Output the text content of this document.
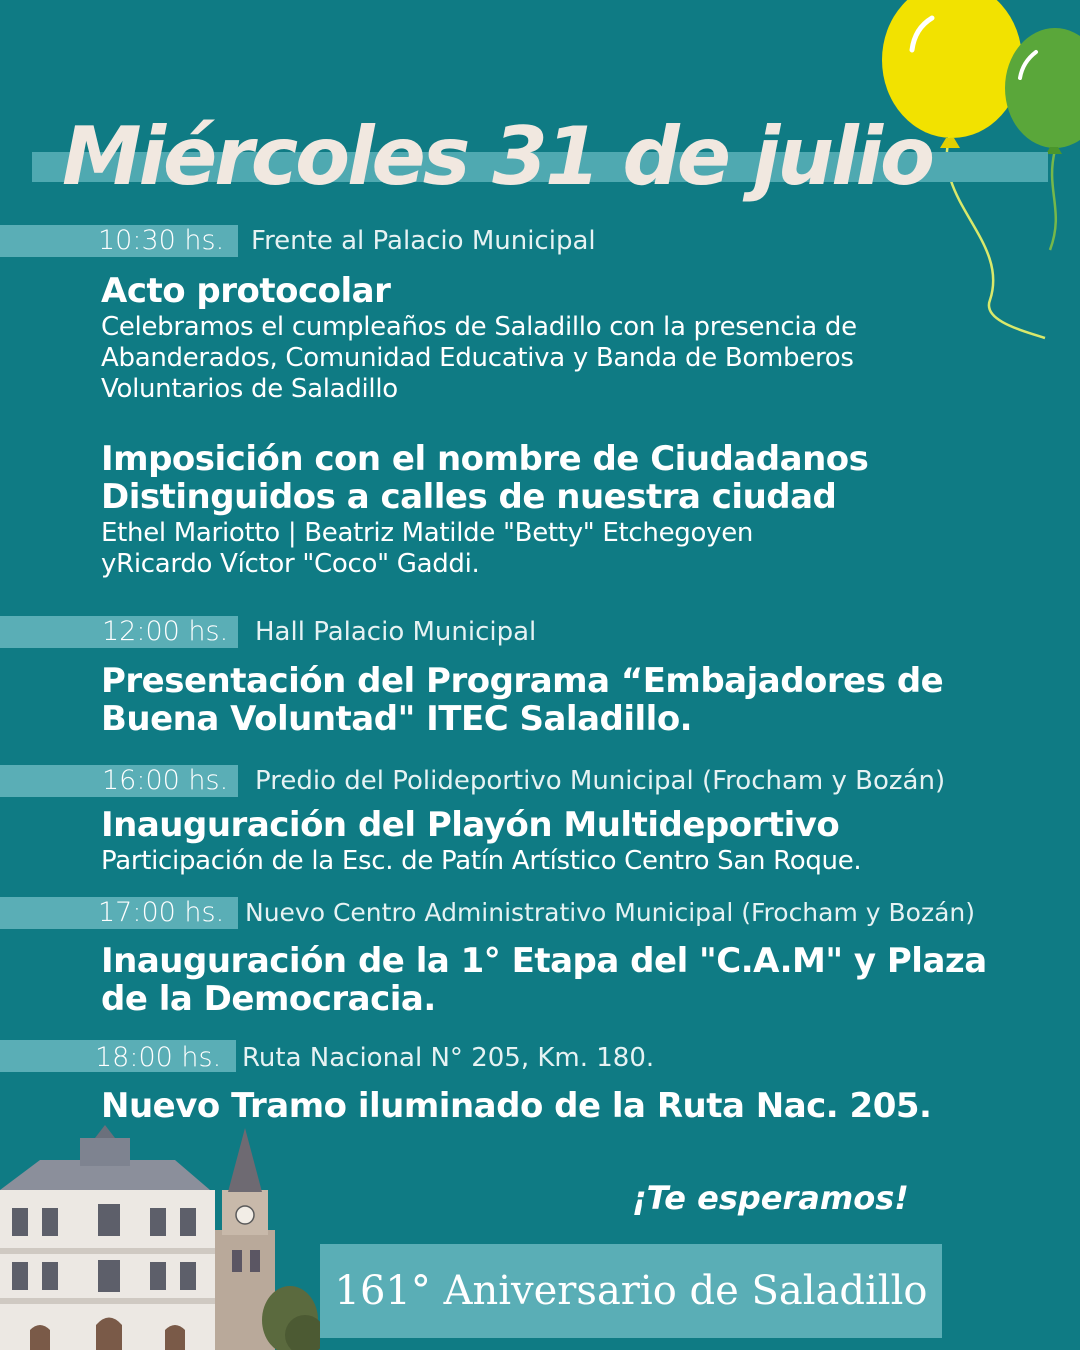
Miércoles 31 de julio
10:30 hs. Frente al Palacio Municipal
Acto protocolar

Celebramos el cumpleaños de Saladillo con la presencia de
Abanderados, Comunidad Educativa y Banda de Bomberos
Voluntarios de Saladillo

Imposición con el nombre de Ciudadanos
Distinguidos a calles de nuestra ciudad

Ethel Mariotto | Beatriz Matilde "Betty" Etchegoyen
yRicardo Víctor "Coco" Gaddi.

12:00 hs. Hall Palacio Municipal
Presentación del Programa “Embajadores de
Buena Voluntad" ITEC Saladillo.
16:00 hs. Predio del Polideportivo Municipal (Frocham y Bozán)
Inauguración del Playón Multideportivo

Participación de la Esc. de Patín Artístico Centro San Roque.

17:00 hs. Nuevo Centro Administrativo Municipal (Frocham y Bozán)
Inauguración de la 1° Etapa del "C.A.M" y Plaza
de la Democracia.
18:00 hs. Ruta Nacional N° 205, Km. 180.
Nuevo Tramo iluminado de la Ruta Nac. 205.

¡Te esperamos!

161° Aniversario de Saladillo
